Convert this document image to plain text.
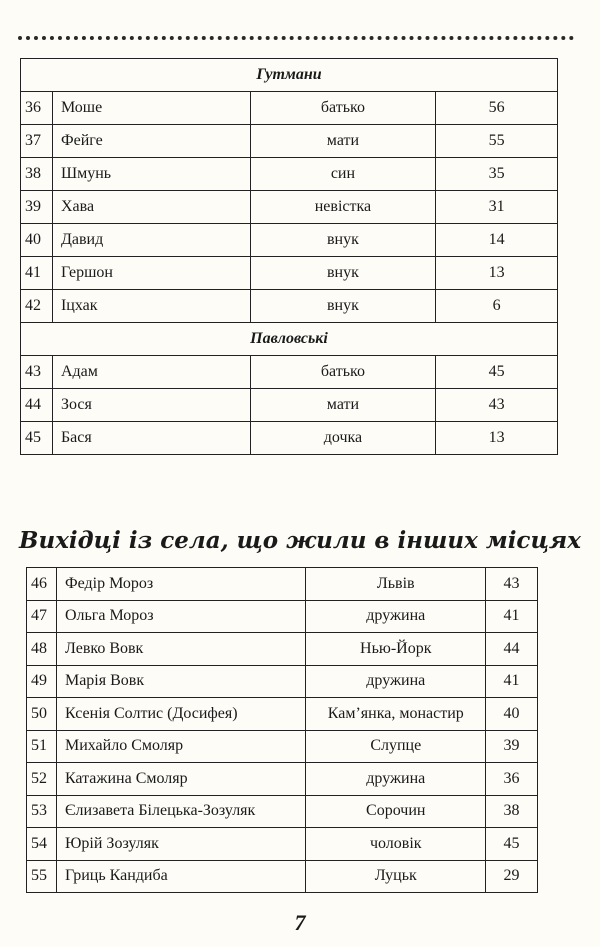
Гутмани			
36	Моше	батько	56
37	Фейге	мати	55
38	Шмунь	син	35
39	Хава	невістка	31
40	Давид	внук	14
41	Гершон	внук	13
42	Іцхак	внук	6
Павловські			
43	Адам	батько	45
44	Зося	мати	43
45	Бася	дочка	13
Вихідці із села, що жили в інших місцях
46	Федір Мороз	Львів	43
47	Ольга Мороз	дружина	41
48	Левко Вовк	Нью-Йорк	44
49	Марія Вовк	дружина	41
50	Ксенія Солтис (Досифея)	Кам’янка, монастир	40
51	Михайло Смоляр	Слупце	39
52	Катажина Смоляр	дружина	36
53	Єлизавета Білецька-Зозуляк	Сорочин	38
54	Юрій Зозуляк	чоловік	45
55	Гриць Кандиба	Луцьк	29
7
